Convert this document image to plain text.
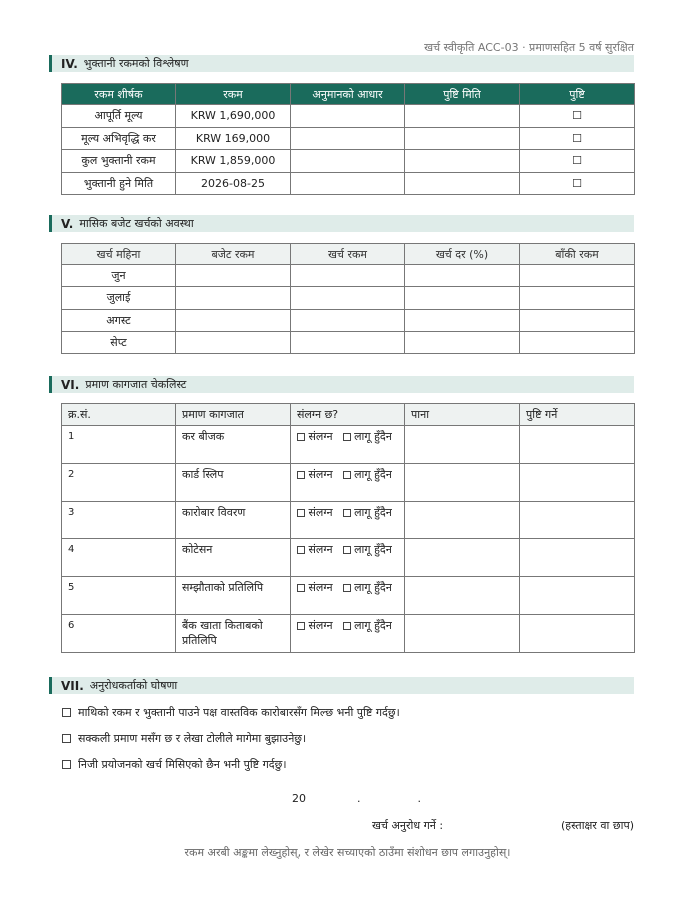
खर्च स्वीकृति ACC-03 · प्रमाणसहित 5 वर्ष सुरक्षित
IV. भुक्तानी रकमको विश्लेषण
रकम शीर्षक	रकम	अनुमानको आधार	पुष्टि मिति	पुष्टि
आपूर्ति मूल्य	KRW 1,690,000			☐
मूल्य अभिवृद्धि कर	KRW 169,000			☐
कुल भुक्तानी रकम	KRW 1,859,000			☐
भुक्तानी हुने मिति	2026-08-25			☐
V. मासिक बजेट खर्चको अवस्था
खर्च महिना	बजेट रकम	खर्च रकम	खर्च दर (%)	बाँकी रकम
जुन				
जुलाई				
अगस्ट				
सेप्ट				
VI. प्रमाण कागजात चेकलिस्ट
क्र.सं.	प्रमाण कागजात	संलग्न छ?	पाना	पुष्टि गर्ने
1	कर बीजक	संलग्न लागू हुँदैन		
2	कार्ड स्लिप	संलग्न लागू हुँदैन		
3	कारोबार विवरण	संलग्न लागू हुँदैन		
4	कोटेसन	संलग्न लागू हुँदैन		
5	सम्झौताको प्रतिलिपि	संलग्न लागू हुँदैन		
6	बैंक खाता किताबको प्रतिलिपि	संलग्न लागू हुँदैन		
VII. अनुरोधकर्ताको घोषणा
माथिको रकम र भुक्तानी पाउने पक्ष वास्तविक कारोबारसँग मिल्छ भनी पुष्टि गर्दछु।
सक्कली प्रमाण मसँग छ र लेखा टोलीले मागेमा बुझाउनेछु।
निजी प्रयोजनको खर्च मिसिएको छैन भनी पुष्टि गर्दछु।
20	.	.
खर्च अनुरोध गर्ने :	(हस्ताक्षर वा छाप)
रकम अरबी अङ्कमा लेख्नुहोस्, र लेखेर सच्याएको ठाउँमा संशोधन छाप लगाउनुहोस्।
